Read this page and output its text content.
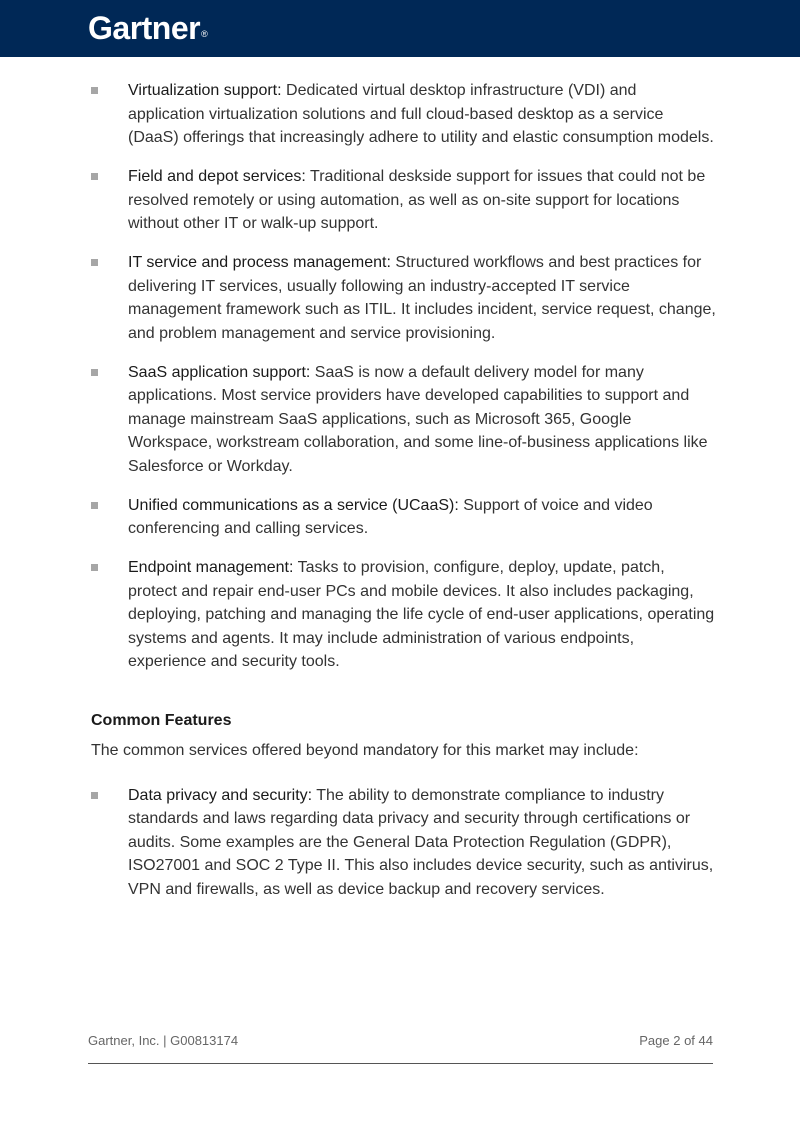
Gartner®
Virtualization support: Dedicated virtual desktop infrastructure (VDI) and application virtualization solutions and full cloud-based desktop as a service (DaaS) offerings that increasingly adhere to utility and elastic consumption models.
Field and depot services: Traditional deskside support for issues that could not be resolved remotely or using automation, as well as on-site support for locations without other IT or walk-up support.
IT service and process management: Structured workflows and best practices for delivering IT services, usually following an industry-accepted IT service management framework such as ITIL. It includes incident, service request, change, and problem management and service provisioning.
SaaS application support: SaaS is now a default delivery model for many applications. Most service providers have developed capabilities to support and manage mainstream SaaS applications, such as Microsoft 365, Google Workspace, workstream collaboration, and some line-of-business applications like Salesforce or Workday.
Unified communications as a service (UCaaS): Support of voice and video conferencing and calling services.
Endpoint management: Tasks to provision, configure, deploy, update, patch, protect and repair end-user PCs and mobile devices. It also includes packaging, deploying, patching and managing the life cycle of end-user applications, operating systems and agents. It may include administration of various endpoints, experience and security tools.
Common Features

The common services offered beyond mandatory for this market may include:

Data privacy and security: The ability to demonstrate compliance to industry standards and laws regarding data privacy and security through certifications or audits. Some examples are the General Data Protection Regulation (GDPR), ISO27001 and SOC 2 Type II. This also includes device security, such as antivirus, VPN and firewalls, as well as device backup and recovery services.
Gartner, Inc. | G00813174	Page 2 of 44
